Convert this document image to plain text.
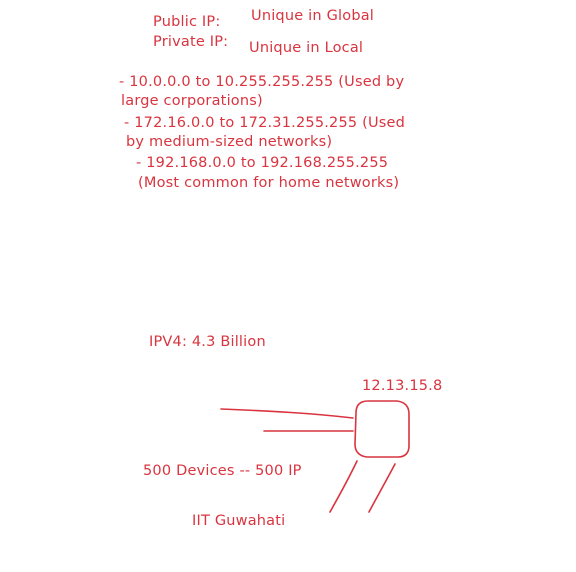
Public IP: Unique in Global
Private IP: Unique in Local
- 10.0.0.0 to 10.255.255.255 (Used by
large corporations)
- 172.16.0.0 to 172.31.255.255 (Used
by medium-sized networks)
- 192.168.0.0 to 192.168.255.255
(Most common for home networks)
IPV4: 4.3 Billion
12.13.15.8
500 Devices -- 500 IP
IIT Guwahati
